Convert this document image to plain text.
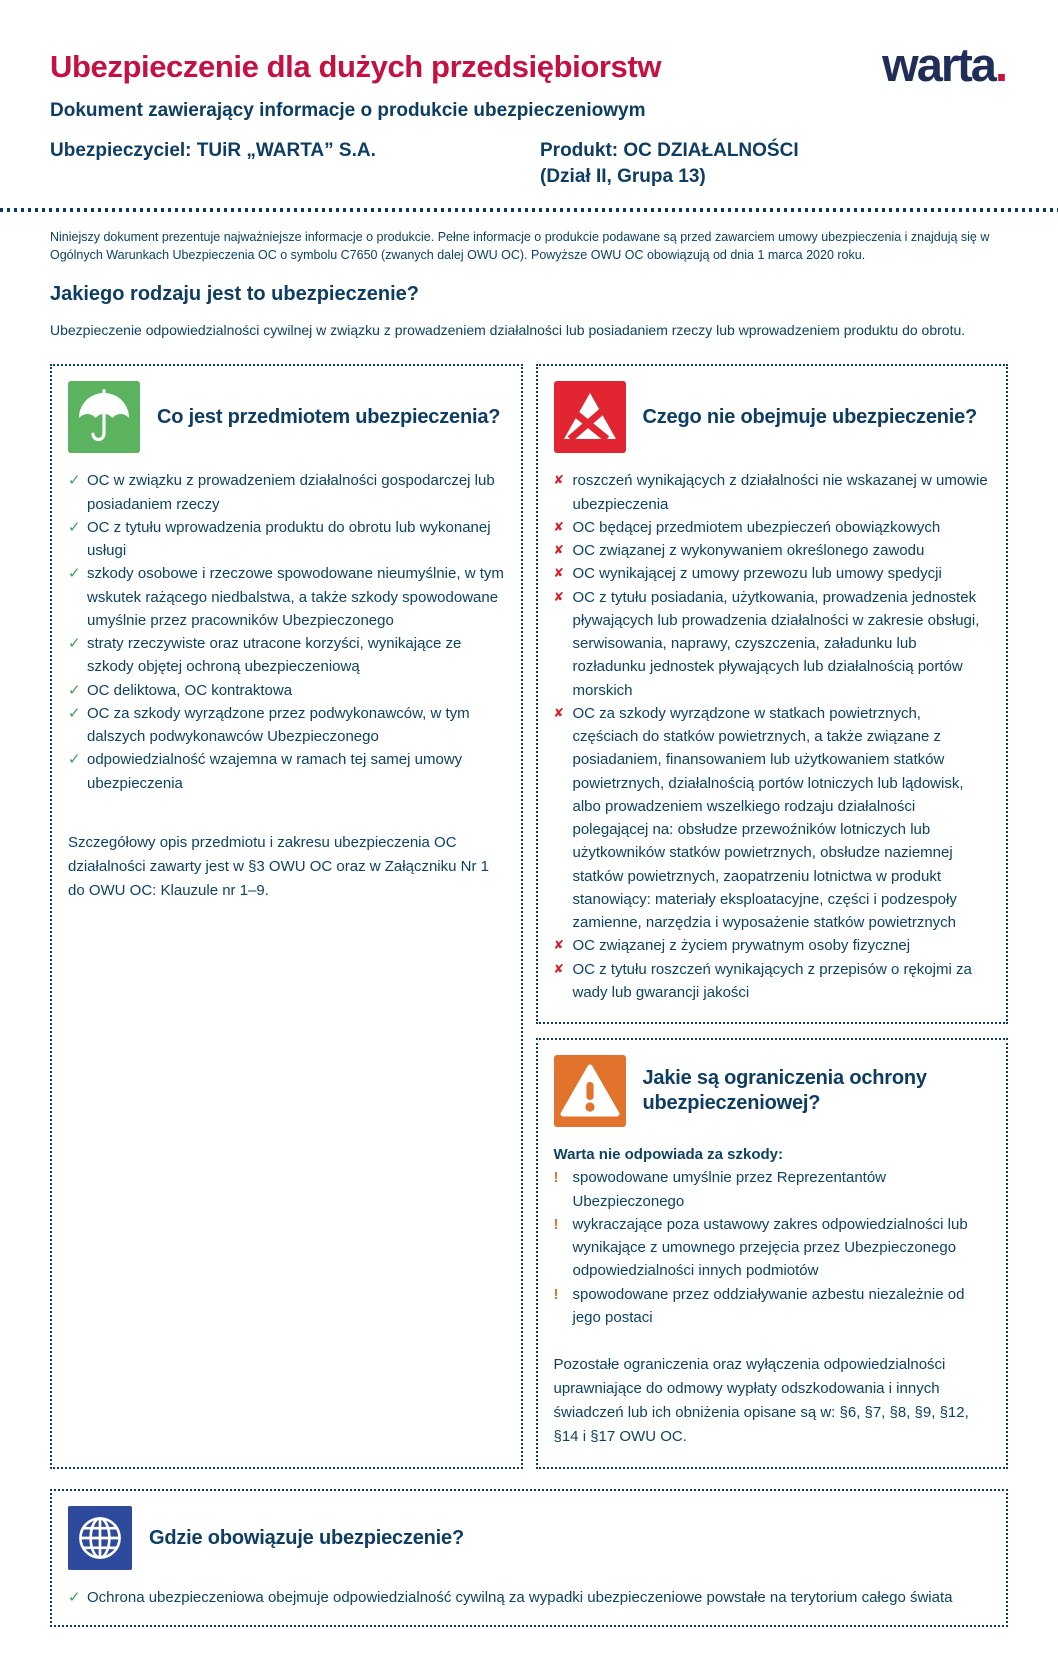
Ubezpieczenie dla dużych przedsiębiorstw	warta.
Dokument zawierający informacje o produkcie ubezpieczeniowym
Ubezpieczyciel: TUiR „WARTA” S.A.	Produkt: OC DZIAŁALNOŚCI
(Dział II, Grupa 13)

Niniejszy dokument prezentuje najważniejsze informacje o produkcie. Pełne informacje o produkcie podawane są przed zawarciem umowy ubezpieczenia i znajdują się w Ogólnych Warunkach Ubezpieczenia OC o symbolu C7650 (zwanych dalej OWU OC). Powyższe OWU OC obowiązują od dnia 1 marca 2020 roku.

Jakiego rodzaju jest to ubezpieczenie?

Ubezpieczenie odpowiedzialności cywilnej w związku z prowadzeniem działalności lub posiadaniem rzeczy lub wprowadzeniem produktu do obrotu.

Co jest przedmiotem ubezpieczenia?
✓ OC w związku z prowadzeniem działalności gospodarczej lub posiadaniem rzeczy
✓ OC z tytułu wprowadzenia produktu do obrotu lub wykonanej usługi
✓ szkody osobowe i rzeczowe spowodowane nieumyślnie, w tym wskutek rażącego niedbalstwa, a także szkody spowodowane umyślnie przez pracowników Ubezpieczonego
✓ straty rzeczywiste oraz utracone korzyści, wynikające ze szkody objętej ochroną ubezpieczeniową
✓ OC deliktowa, OC kontraktowa
✓ OC za szkody wyrządzone przez podwykonawców, w tym dalszych podwykonawców Ubezpieczonego
✓ odpowiedzialność wzajemna w ramach tej samej umowy ubezpieczenia

Szczegółowy opis przedmiotu i zakresu ubezpieczenia OC działalności zawarty jest w §3 OWU OC oraz w Załączniku Nr 1 do OWU OC: Klauzule nr 1–9.

Czego nie obejmuje ubezpieczenie?
✘ roszczeń wynikających z działalności nie wskazanej w umowie ubezpieczenia
✘ OC będącej przedmiotem ubezpieczeń obowiązkowych
✘ OC związanej z wykonywaniem określonego zawodu
✘ OC wynikającej z umowy przewozu lub umowy spedycji
✘ OC z tytułu posiadania, użytkowania, prowadzenia jednostek pływających lub prowadzenia działalności w zakresie obsługi, serwisowania, naprawy, czyszczenia, załadunku lub rozładunku jednostek pływających lub działalnością portów morskich
✘ OC za szkody wyrządzone w statkach powietrznych, częściach do statków powietrznych, a także związane z posiadaniem, finansowaniem lub użytkowaniem statków powietrznych, działalnością portów lotniczych lub lądowisk, albo prowadzeniem wszelkiego rodzaju działalności polegającej na: obsłudze przewoźników lotniczych lub użytkowników statków powietrznych, obsłudze naziemnej statków powietrznych, zaopatrzeniu lotnictwa w produkt stanowiący: materiały eksploatacyjne, części i podzespoły zamienne, narzędzia i wyposażenie statków powietrznych
✘ OC związanej z życiem prywatnym osoby fizycznej
✘ OC z tytułu roszczeń wynikających z przepisów o rękojmi za wady lub gwarancji jakości
Jakie są ograniczenia ochrony ubezpieczeniowej?

Warta nie odpowiada za szkody:

! spowodowane umyślnie przez Reprezentantów Ubezpieczonego
! wykraczające poza ustawowy zakres odpowiedzialności lub wynikające z umownego przejęcia przez Ubezpieczonego odpowiedzialności innych podmiotów
! spowodowane przez oddziaływanie azbestu niezależnie od jego postaci

Pozostałe ograniczenia oraz wyłączenia odpowiedzialności uprawniające do odmowy wypłaty odszkodowania i innych świadczeń lub ich obniżenia opisane są w: §6, §7, §8, §9, §12, §14 i §17 OWU OC.

Gdzie obowiązuje ubezpieczenie?
✓ Ochrona ubezpieczeniowa obejmuje odpowiedzialność cywilną za wypadki ubezpieczeniowe powstałe na terytorium całego świata
